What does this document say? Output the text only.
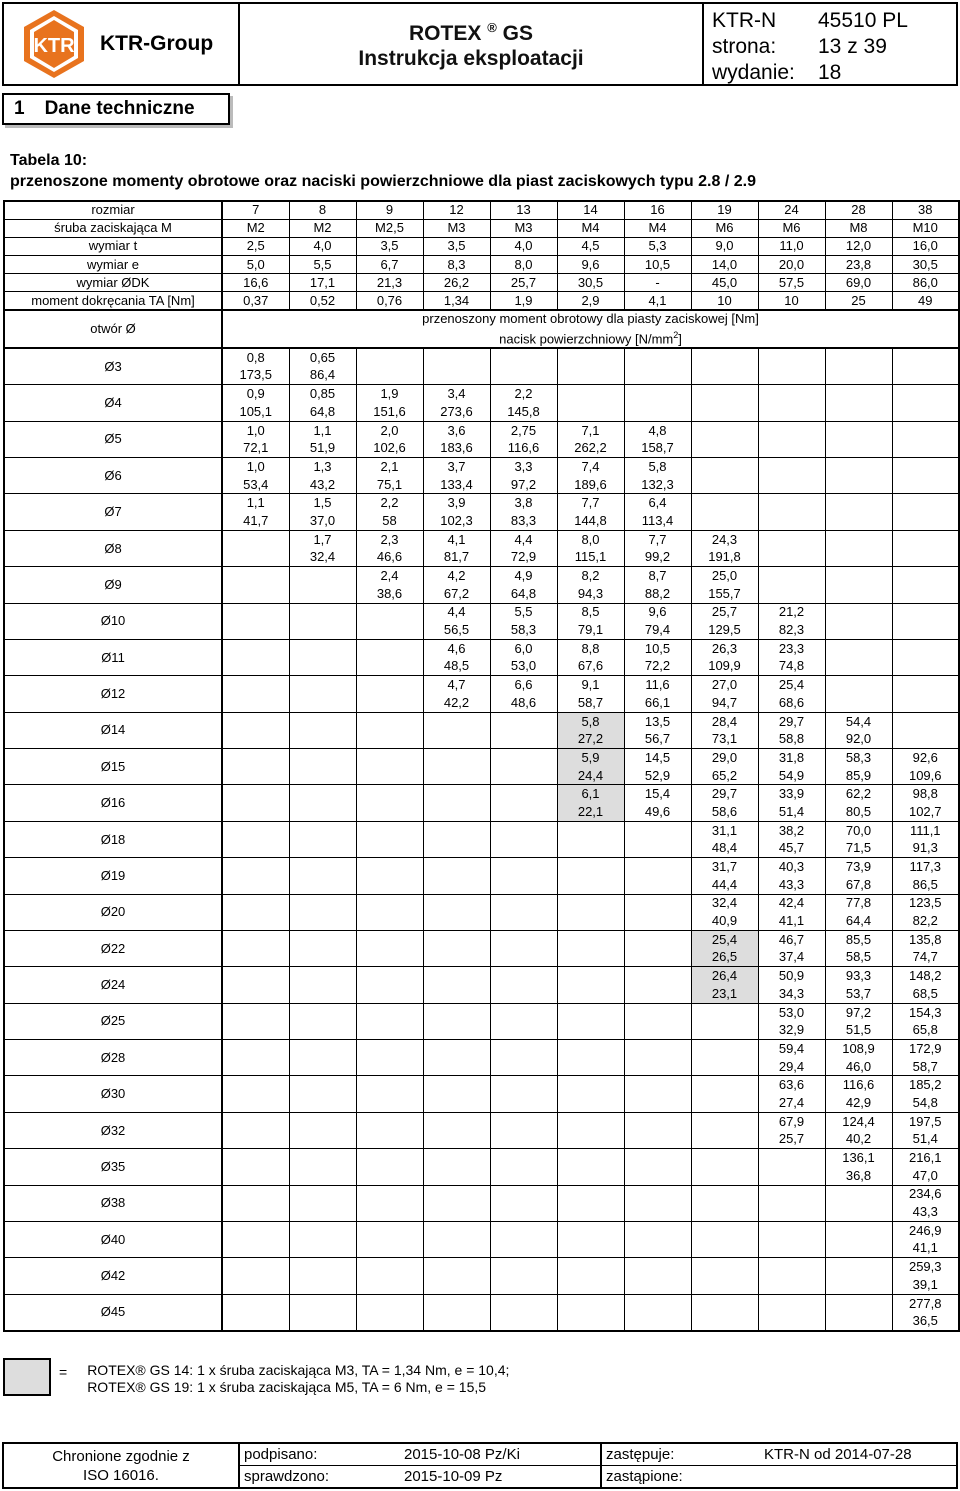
KTR KTR-Group	ROTEX ® GS
Instrukcja eksploatacji
KTR-N	45510 PL
strona:	13 z 39
wydanie:	18
1 Dane techniczne
Tabela 10:
przenoszone momenty obrotowe oraz naciski powierzchniowe dla piast zaciskowych typu 2.8 / 2.9
rozmiar	7	8	9	12	13	14	16	19	24	28	38
śruba zaciskająca M	M2	M2	M2,5	M3	M3	M4	M4	M6	M6	M8	M10
wymiar t	2,5	4,0	3,5	3,5	4,0	4,5	5,3	9,0	11,0	12,0	16,0
wymiar e	5,0	5,5	6,7	8,3	8,0	9,6	10,5	14,0	20,0	23,8	30,5
wymiar ØDK	16,6	17,1	21,3	26,2	25,7	30,5	-	45,0	57,5	69,0	86,0
moment dokręcania TA [Nm]	0,37	0,52	0,76	1,34	1,9	2,9	4,1	10	10	25	49
otwór Ø	przenoszony moment obrotowy dla piasty zaciskowej [Nm]
nacisk powierzchniowy $[N/mm^2]$										

Ø3	0,8	0,65									
	173,5	86,4									
Ø4	0,9	0,85	1,9	3,4	2,2						
	105,1	64,8	151,6	273,6	145,8						
Ø5	1,0	1,1	2,0	3,6	2,75	7,1	4,8				
	72,1	51,9	102,6	183,6	116,6	262,2	158,7				
Ø6	1,0	1,3	2,1	3,7	3,3	7,4	5,8				
	53,4	43,2	75,1	133,4	97,2	189,6	132,3				
Ø7	1,1	1,5	2,2	3,9	3,8	7,7	6,4				
	41,7	37,0	58	102,3	83,3	144,8	113,4				
Ø8		1,7	2,3	4,1	4,4	8,0	7,7	24,3			
		32,4	46,6	81,7	72,9	115,1	99,2	191,8			
Ø9			2,4	4,2	4,9	8,2	8,7	25,0			
			38,6	67,2	64,8	94,3	88,2	155,7			
Ø10				4,4	5,5	8,5	9,6	25,7	21,2		
				56,5	58,3	79,1	79,4	129,5	82,3		
Ø11				4,6	6,0	8,8	10,5	26,3	23,3		
				48,5	53,0	67,6	72,2	109,9	74,8		
Ø12				4,7	6,6	9,1	11,6	27,0	25,4		
				42,2	48,6	58,7	66,1	94,7	68,6		
Ø14						5,8	13,5	28,4	29,7	54,4	
						27,2	56,7	73,1	58,8	92,0	
Ø15						5,9	14,5	29,0	31,8	58,3	92,6
						24,4	52,9	65,2	54,9	85,9	109,6
Ø16						6,1	15,4	29,7	33,9	62,2	98,8
						22,1	49,6	58,6	51,4	80,5	102,7
Ø18								31,1	38,2	70,0	111,1
								48,4	45,7	71,5	91,3
Ø19								31,7	40,3	73,9	117,3
								44,4	43,3	67,8	86,5
Ø20								32,4	42,4	77,8	123,5
								40,9	41,1	64,4	82,2
Ø22								25,4	46,7	85,5	135,8
								26,5	37,4	58,5	74,7
Ø24								26,4	50,9	93,3	148,2
								23,1	34,3	53,7	68,5
Ø25									53,0	97,2	154,3
									32,9	51,5	65,8
Ø28									59,4	108,9	172,9
									29,4	46,0	58,7
Ø30									63,6	116,6	185,2
									27,4	42,9	54,8
Ø32									67,9	124,4	197,5
									25,7	40,2	51,4
Ø35										136,1	216,1
										36,8	47,0
Ø38											234,6
											43,3
Ø40											246,9
											41,1
Ø42											259,3
											39,1
Ø45											277,8
											36,5
= ROTEX® GS 14: 1 x śruba zaciskająca M3, TA = 1,34 Nm, e = 10,4;
ROTEX® GS 19: 1 x śruba zaciskająca M5, TA = 6 Nm, e = 15,5
Chronione zgodnie z
ISO 16016.
podpisano:	2015-10-08 Pz/Ki	zastępuje:	KTR-N od 2014-07-28
sprawdzono:	2015-10-09 Pz	zastąpione:
